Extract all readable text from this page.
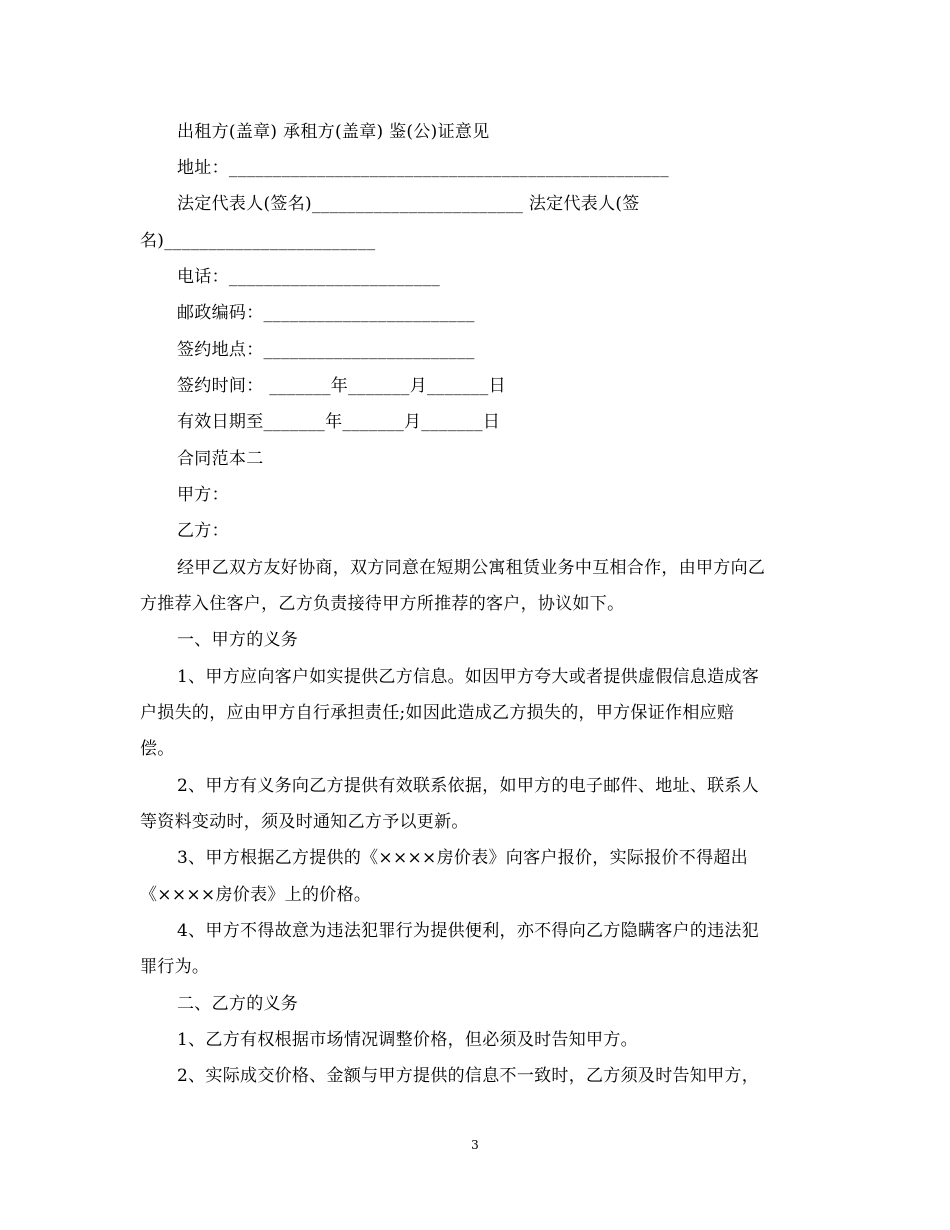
出租方(盖章) 承租方(盖章) 鉴(公)证意见
地址：__________________________________________________
法定代表人(签名)________________________ 法定代表人(签
名)________________________
电话：________________________
邮政编码：________________________
签约地点：________________________
签约时间： _______年_______月_______日
有效日期至_______年_______月_______日
合同范本二
甲方：
乙方：
经甲乙双方友好协商，双方同意在短期公寓租赁业务中互相合作，由甲方向乙
方推荐入住客户，乙方负责接待甲方所推荐的客户，协议如下。
一、甲方的义务
1、甲方应向客户如实提供乙方信息。如因甲方夸大或者提供虚假信息造成客
户损失的，应由甲方自行承担责任;如因此造成乙方损失的，甲方保证作相应赔
偿。
2、甲方有义务向乙方提供有效联系依据，如甲方的电子邮件、地址、联系人
等资料变动时，须及时通知乙方予以更新。
3、甲方根据乙方提供的《××××房价表》向客户报价，实际报价不得超出
《××××房价表》上的价格。
4、甲方不得故意为违法犯罪行为提供便利，亦不得向乙方隐瞒客户的违法犯
罪行为。
二、乙方的义务
1、乙方有权根据市场情况调整价格，但必须及时告知甲方。
2、实际成交价格、金额与甲方提供的信息不一致时，乙方须及时告知甲方，
3
